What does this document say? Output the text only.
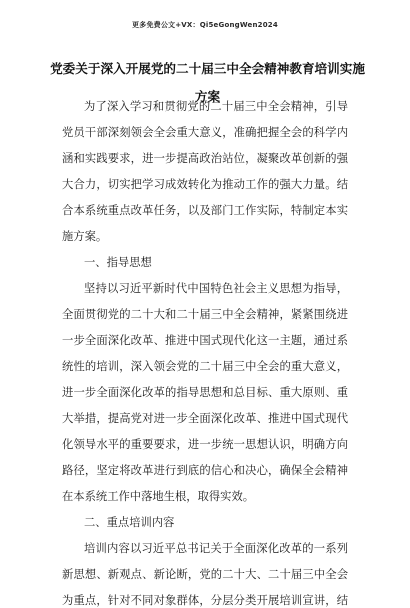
更多免费公文+VX：Qi5eGongWen2024
党委关于深入开展党的二十届三中全会精神教育培训实施
方案
为了深入学习和贯彻党的二十届三中全会精神，引导
党员干部深刻领会全会重大意义，准确把握全会的科学内
涵和实践要求，进一步提高政治站位，凝聚改革创新的强
大合力，切实把学习成效转化为推动工作的强大力量。结
合本系统重点改革任务，以及部门工作实际，特制定本实
施方案。
一、指导思想
坚持以习近平新时代中国特色社会主义思想为指导，
全面贯彻党的二十大和二十届三中全会精神，紧紧围绕进
一步全面深化改革、推进中国式现代化这一主题，通过系
统性的培训，深入领会党的二十届三中全会的重大意义，
进一步全面深化改革的指导思想和总目标、重大原则、重
大举措，提高党对进一步全面深化改革、推进中国式现代
化领导水平的重要要求，进一步统一思想认识，明确方向
路径，坚定将改革进行到底的信心和决心，确保全会精神
在本系统工作中落地生根，取得实效。
二、重点培训内容
培训内容以习近平总书记关于全面深化改革的一系列
新思想、新观点、新论断，党的二十大、二十届三中全会
为重点，针对不同对象群体，分层分类开展培训宣讲，结
